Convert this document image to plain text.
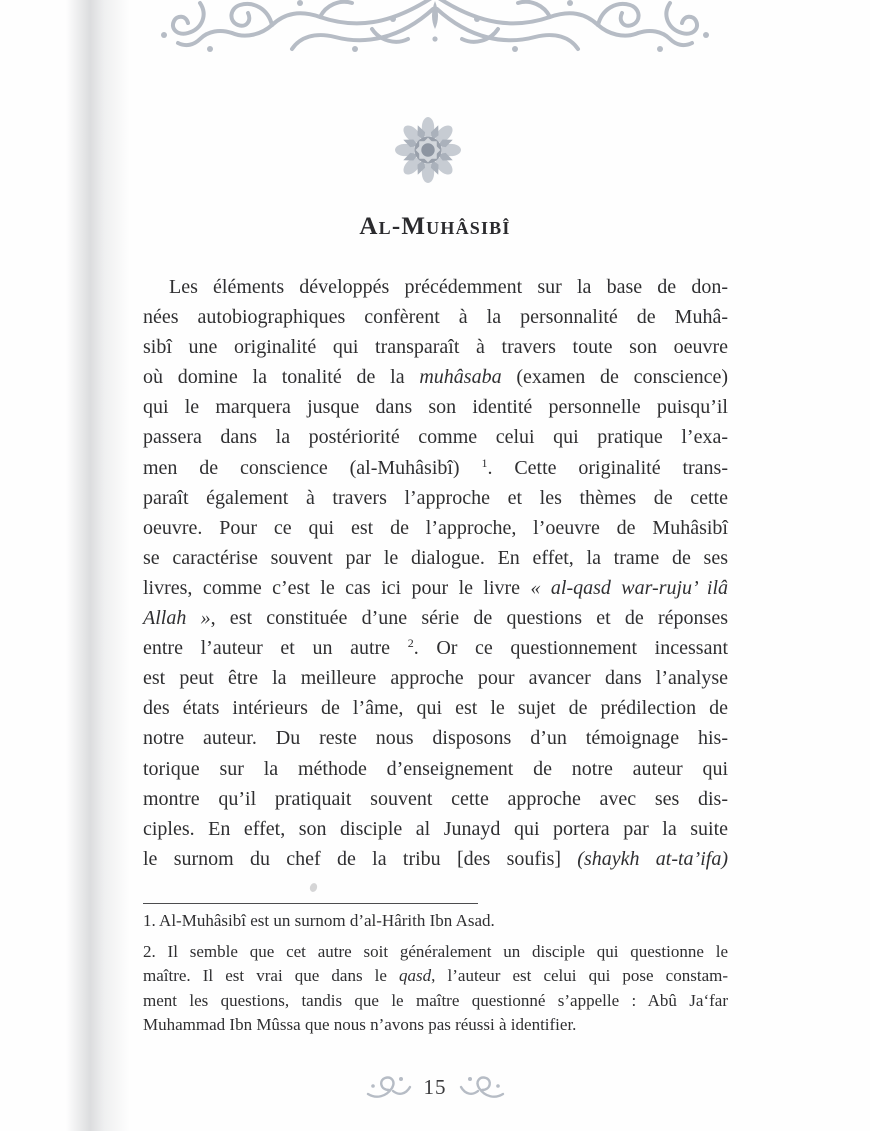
Al-Muhâsibî
Les éléments développés précédemment sur la base de don-
nées autobiographiques confèrent à la personnalité de Muhâ-
sibî une originalité qui transparaît à travers toute son oeuvre
où domine la tonalité de la muhâsaba (examen de conscience)
qui le marquera jusque dans son identité personnelle puisqu’il
passera dans la postériorité comme celui qui pratique l’exa-
men de conscience (al-Muhâsibî) $^1$. Cette originalité trans-
paraît également à travers l’approche et les thèmes de cette
oeuvre. Pour ce qui est de l’approche, l’oeuvre de Muhâsibî
se caractérise souvent par le dialogue. En effet, la trame de ses
livres, comme c’est le cas ici pour le livre « al-qasd war-ruju’ ilâ
Allah », est constituée d’une série de questions et de réponses
entre l’auteur et un autre $^2$. Or ce questionnement incessant
est peut être la meilleure approche pour avancer dans l’analyse
des états intérieurs de l’âme, qui est le sujet de prédilection de
notre auteur. Du reste nous disposons d’un témoignage his-
torique sur la méthode d’enseignement de notre auteur qui
montre qu’il pratiquait souvent cette approche avec ses dis-
ciples. En effet, son disciple al Junayd qui portera par la suite
le surnom du chef de la tribu [des soufis] (shaykh at-ta’ifa)
1. Al-Muhâsibî est un surnom d’al-Hârith Ibn Asad.
2. Il semble que cet autre soit généralement un disciple qui questionne le
maître. Il est vrai que dans le qasd, l’auteur est celui qui pose constam-
ment les questions, tandis que le maître questionné s’appelle : Abû Ja‘far
Muhammad Ibn Mûssa que nous n’avons pas réussi à identifier.
15
